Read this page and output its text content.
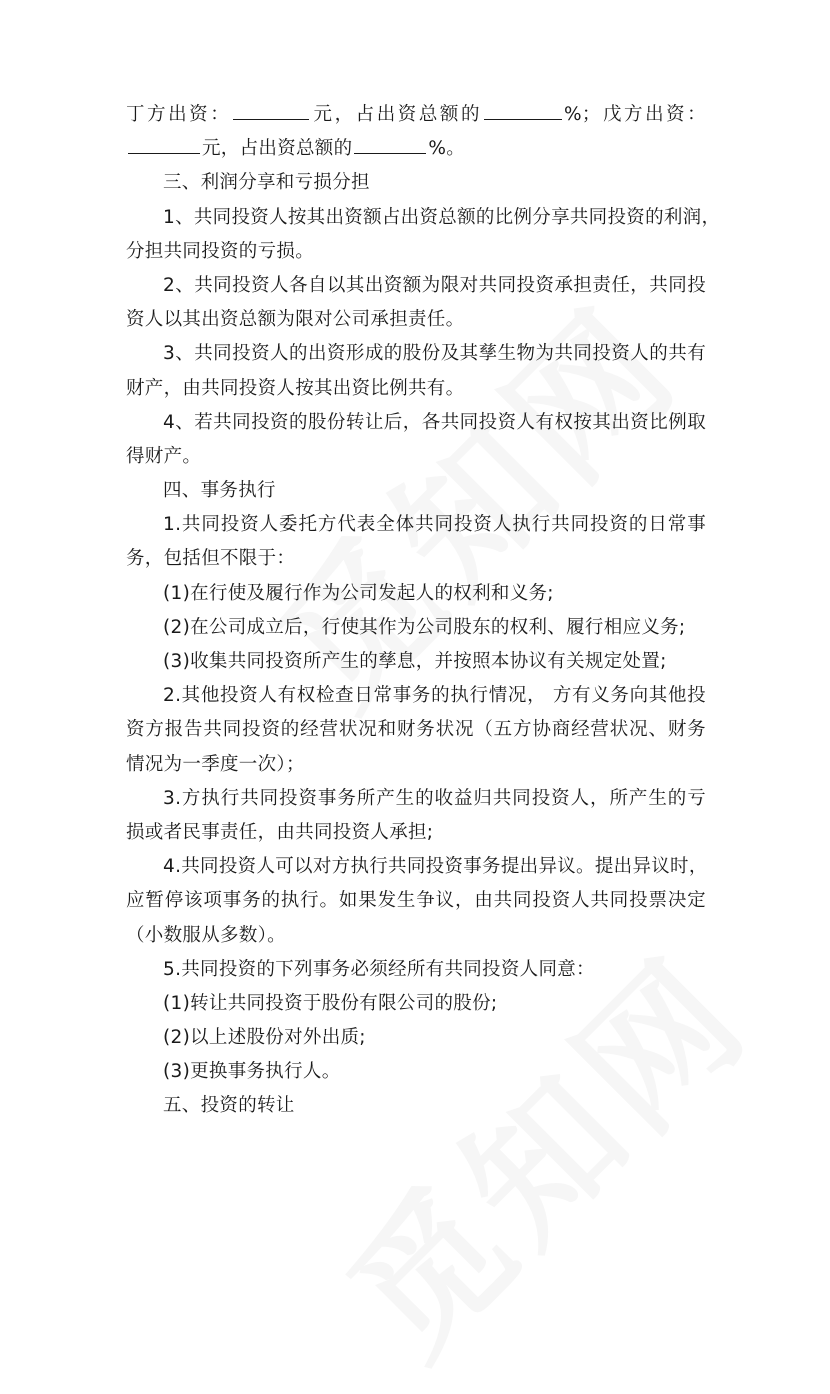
丁方出资：	元，占出资总额的	%；戊方出资：
元，占出资总额的	%。
三、利润分享和亏损分担
1、共同投资人按其出资额占出资总额的比例分享共同投资的利润，
分担共同投资的亏损。
2、共同投资人各自以其出资额为限对共同投资承担责任，共同投
资人以其出资总额为限对公司承担责任。
3、共同投资人的出资形成的股份及其孳生物为共同投资人的共有
财产，由共同投资人按其出资比例共有。
4、若共同投资的股份转让后，各共同投资人有权按其出资比例取
得财产。
四、事务执行
1.共同投资人委托方代表全体共同投资人执行共同投资的日常事
务，包括但不限于：
(1)在行使及履行作为公司发起人的权利和义务;
(2)在公司成立后，行使其作为公司股东的权利、履行相应义务;
(3)收集共同投资所产生的孳息，并按照本协议有关规定处置;
2.其他投资人有权检查日常事务的执行情况， 方有义务向其他投
资方报告共同投资的经营状况和财务状况（五方协商经营状况、财务
情况为一季度一次）；
3.方执行共同投资事务所产生的收益归共同投资人，所产生的亏
损或者民事责任，由共同投资人承担;
4.共同投资人可以对方执行共同投资事务提出异议。提出异议时，
应暂停该项事务的执行。如果发生争议，由共同投资人共同投票决定
（小数服从多数）。
5.共同投资的下列事务必须经所有共同投资人同意：
(1)转让共同投资于股份有限公司的股份;
(2)以上述股份对外出质;
(3)更换事务执行人。
五、投资的转让
